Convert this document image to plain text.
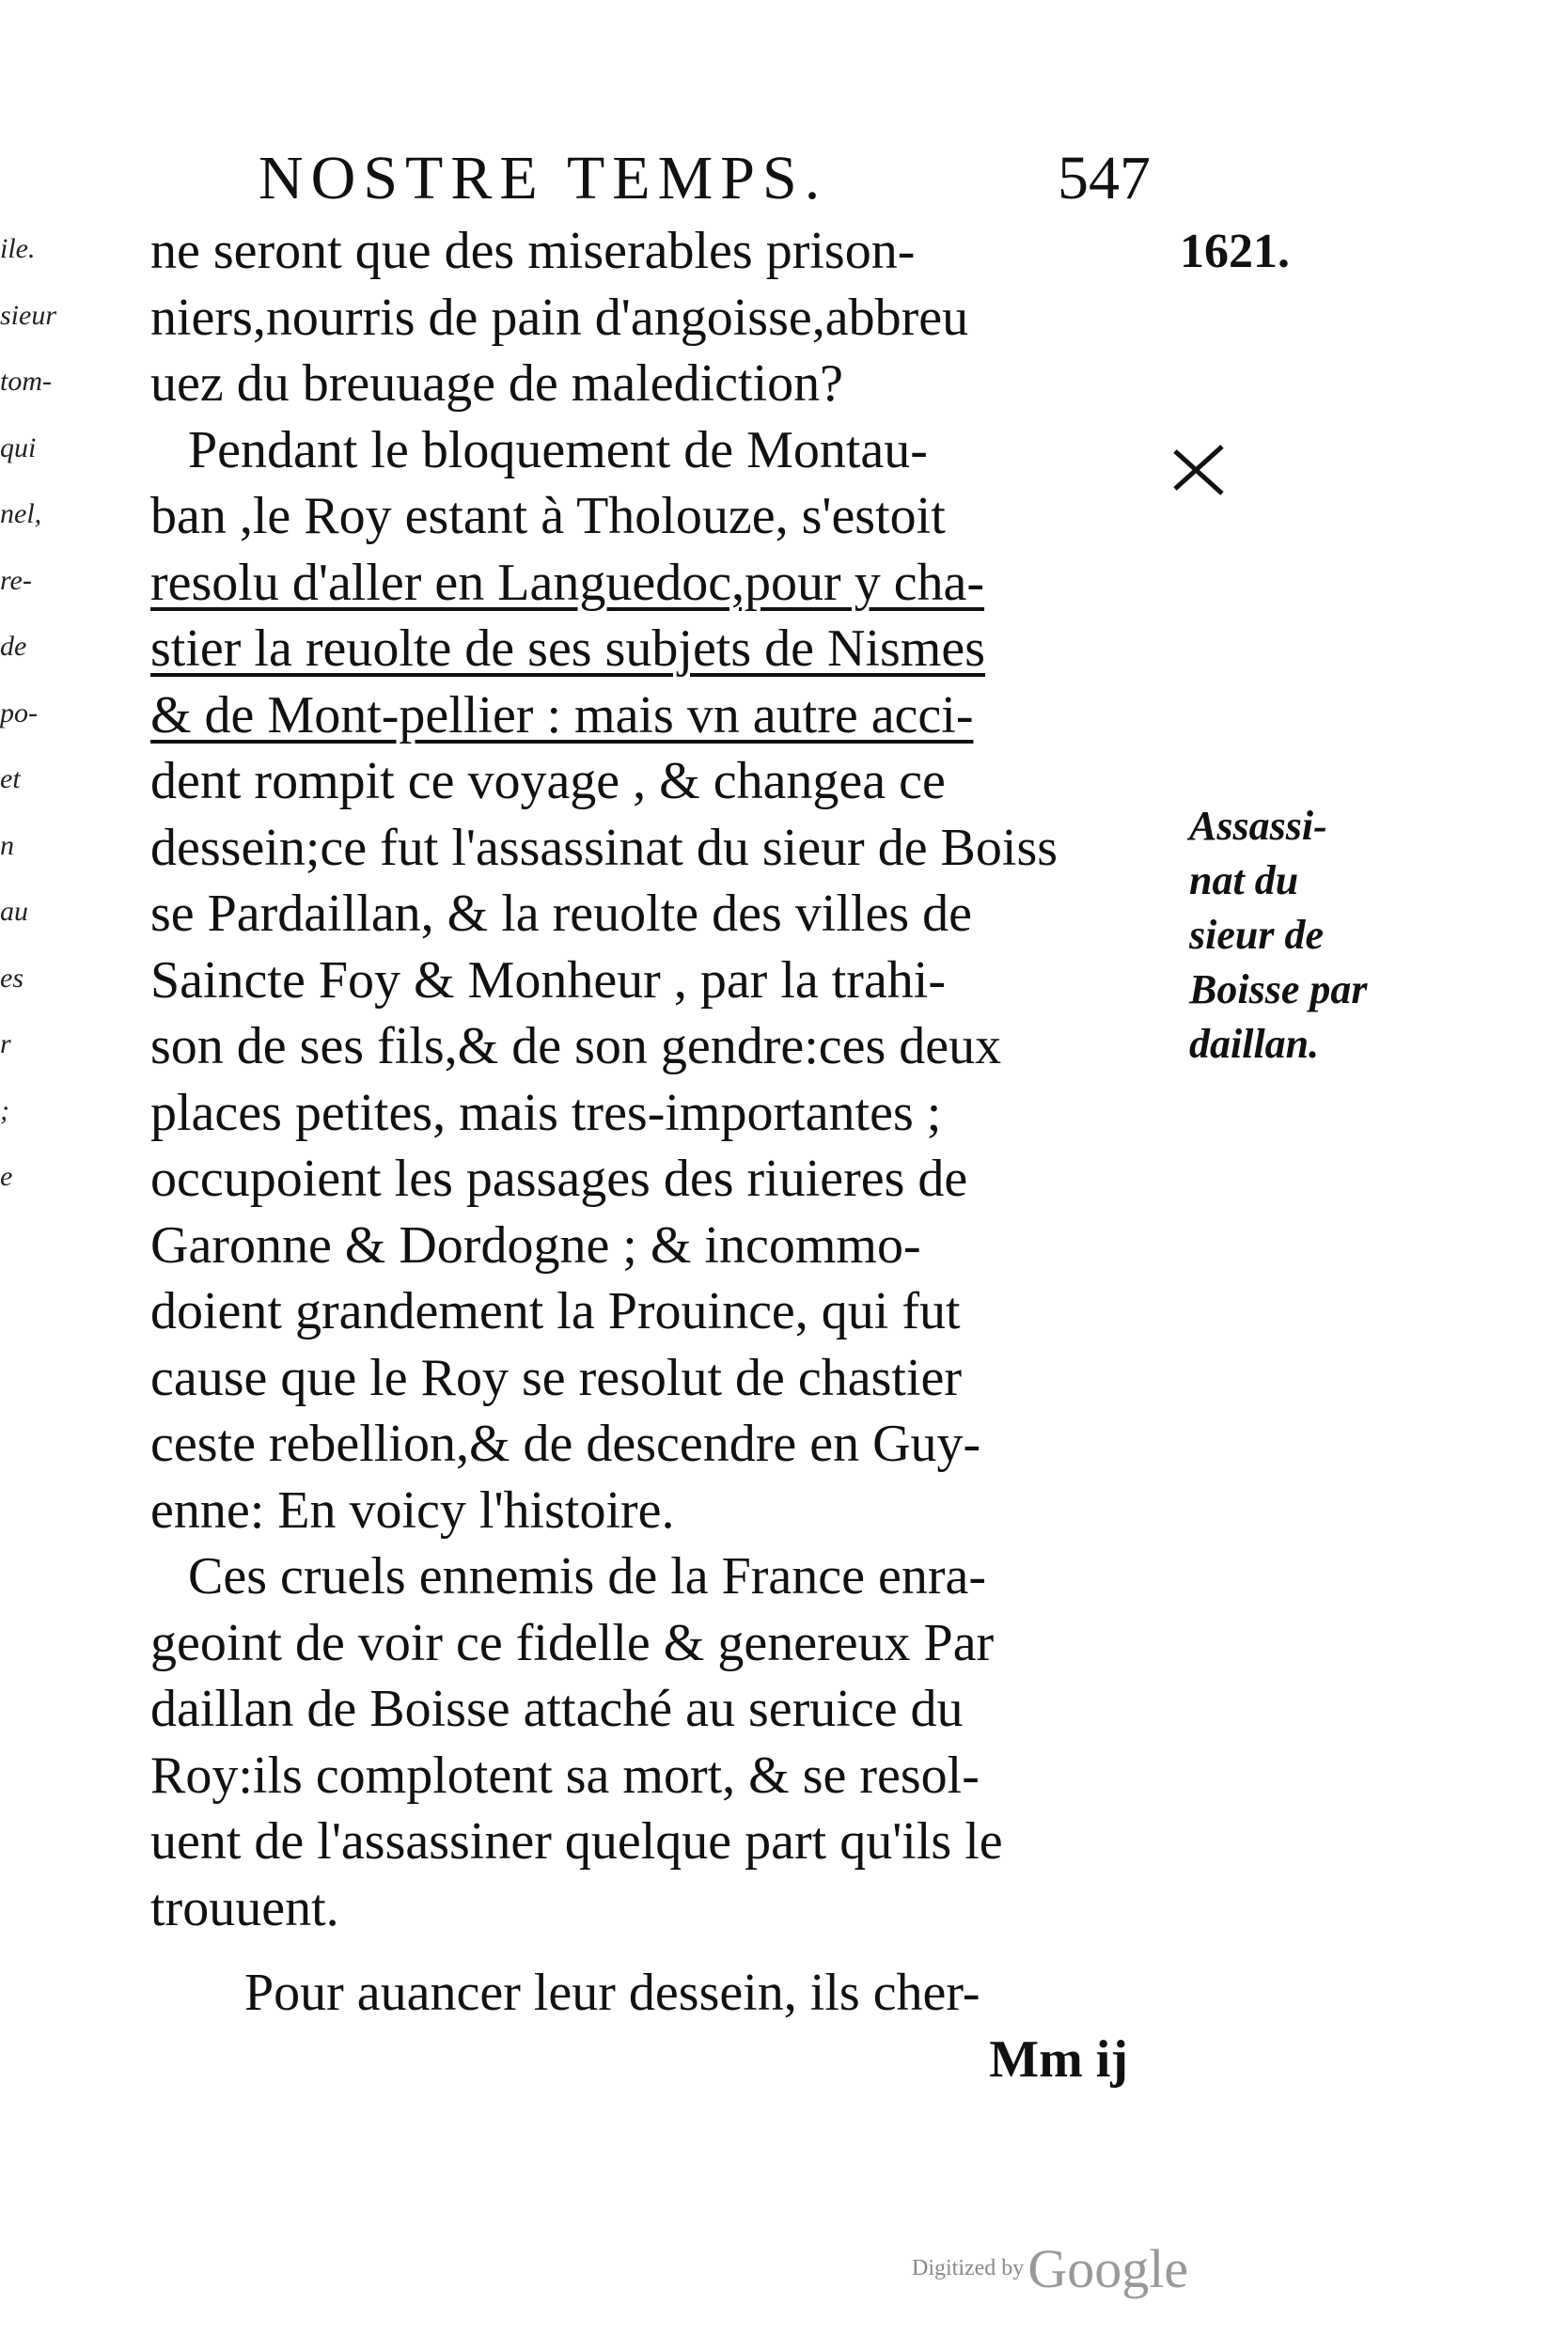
ile.
sieur
tom-
qui
nel,
re-
de
po-
et
n
au
es
r
;
e
NOSTRE TEMPS.	547
1621.
ne seront que des miserables prison-
niers,nourris de pain d'angoisse,abbreu
uez du breuuage de malediction?
Pendant le bloquement de Montau-
ban ,le Roy estant à Tholouze, s'estoit
resolu d'aller en Languedoc,pour y cha-
stier la reuolte de ses subjets de Nismes
& de Mont-pellier : mais vn autre acci-
dent rompit ce voyage , & changea ce
dessein;ce fut l'assassinat du sieur de Boiss
se Pardaillan, & la reuolte des villes de
Saincte Foy & Monheur , par la trahi-
son de ses fils,& de son gendre:ces deux
places petites, mais tres-importantes ;
occupoient les passages des riuieres de
Garonne & Dordogne ; & incommo-
doient grandement la Prouince, qui fut
cause que le Roy se resolut de chastier
ceste rebellion,& de descendre en Guy-
enne: En voicy l'histoire.
Ces cruels ennemis de la France enra-
geoint de voir ce fidelle & genereux Par
daillan de Boisse attaché au seruice du
Roy:ils complotent sa mort, & se resol-
uent de l'assassiner quelque part qu'ils le
trouuent.
Pour auancer leur dessein, ils cher-
Mm ij
Assassi-
nat du
sieur de
Boisse par
daillan.
Digitized by Google
